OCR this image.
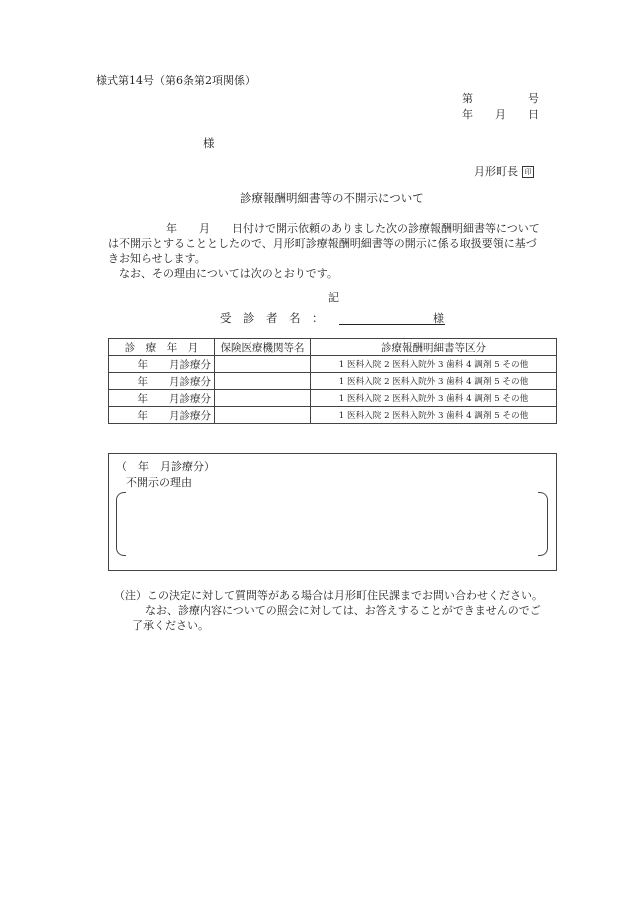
様式第14号（第6条第2項関係）
第　　　　　号
年　　月　　日
様
月形町長 印
診療報酬明細書等の不開示について
年　　月　　日付けで開示依頼のありました次の診療報酬明細書等について
は不開示とすることとしたので、月形町診療報酬明細書等の開示に係る取扱要領に基づ
きお知らせします。
なお、その理由については次のとおりです。
記
受　診　者　名　：	様
診　療　年　月	保険医療機関等名	診療報酬明細書等区分
年　　月診療分		1 医科入院 2 医科入院外 3 歯科 4 調剤 5 その他
年　　月診療分		1 医科入院 2 医科入院外 3 歯科 4 調剤 5 その他
年　　月診療分		1 医科入院 2 医科入院外 3 歯科 4 調剤 5 その他
年　　月診療分		1 医科入院 2 医科入院外 3 歯科 4 調剤 5 その他
（　年　月診療分）
不開示の理由
（注）この決定に対して質問等がある場合は月形町住民課までお問い合わせください。
なお、診療内容についての照会に対しては、お答えすることができませんのでご
了承ください。
